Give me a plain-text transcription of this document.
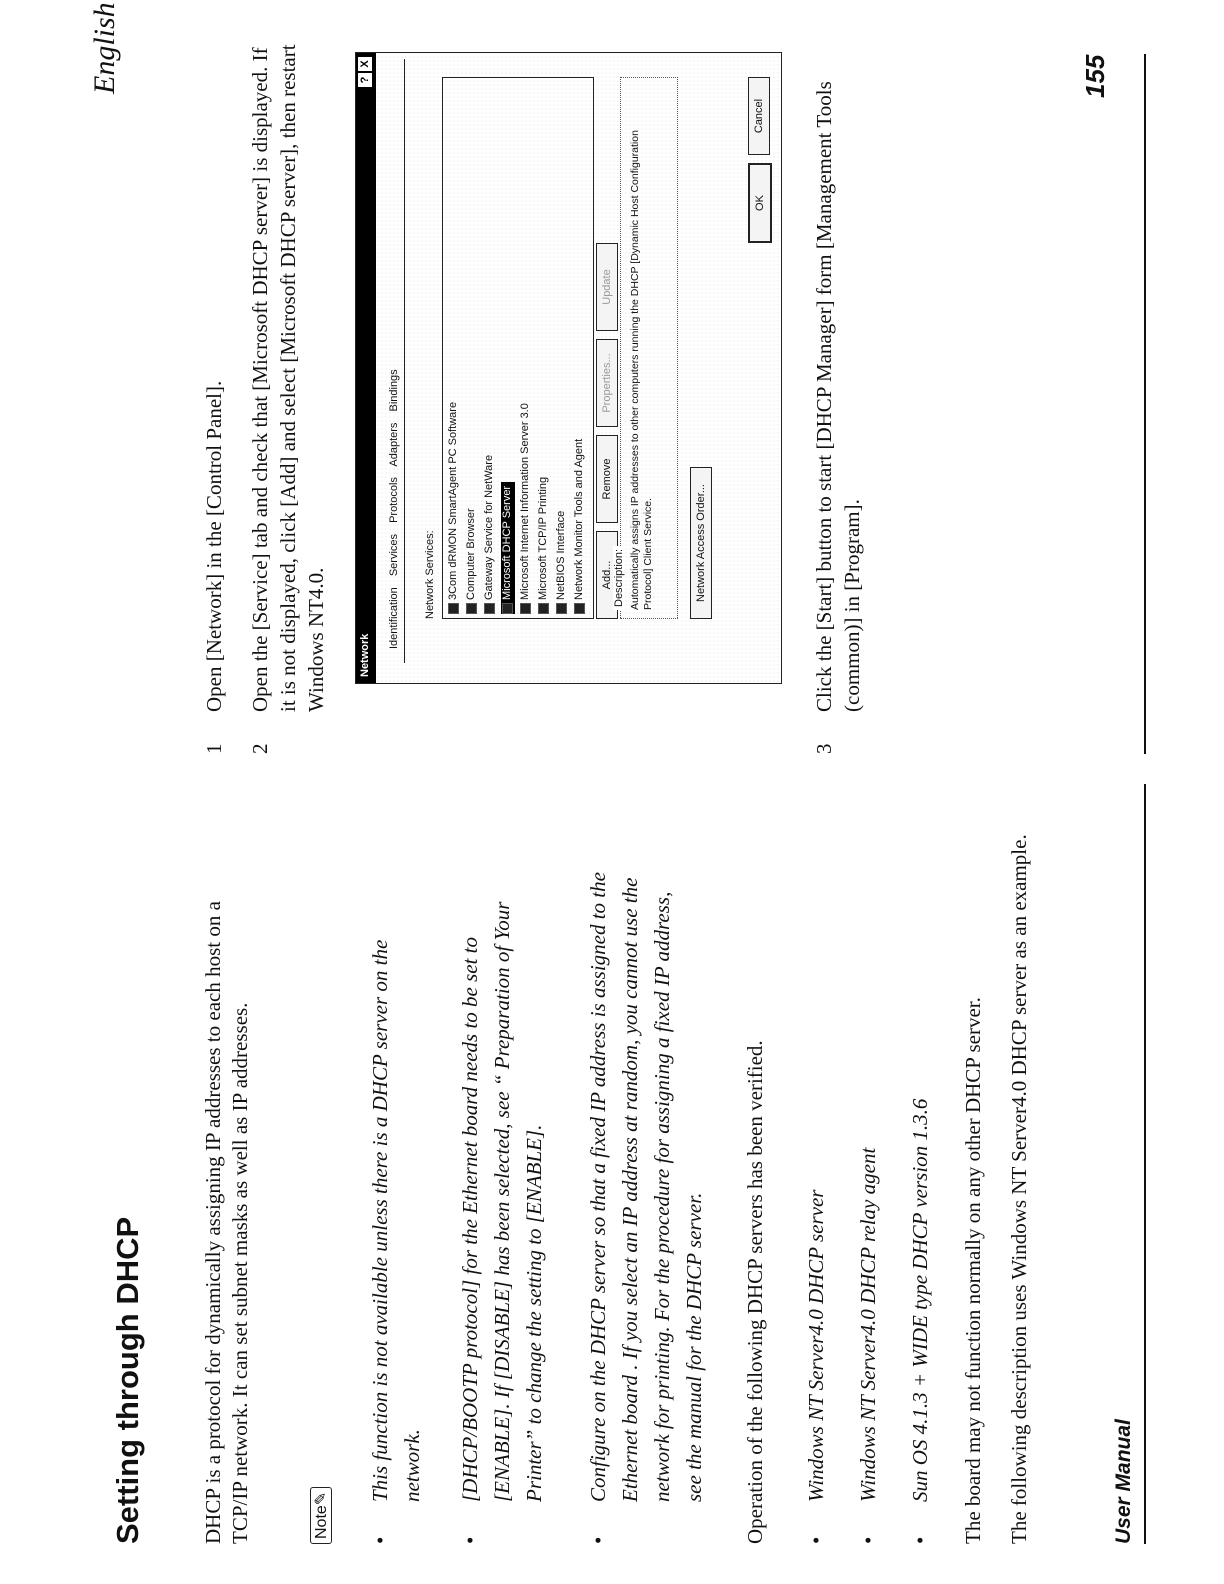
Setting through DHCP	DHCP is a protocol for dynamically assigning IP addresses to each host on a TCP/IP network. It can set subnet masks as well as IP addresses.	Note✎
•
This function is not available unless there is a DHCP server on the network.
•
[DHCP/BOOTP protocol] for the Ethernet board needs to be set to [ENABLE]. If [DISABLE] has been selected, see “ Preparation of Your Printer” to change the setting to [ENABLE].
•
Configure on the DHCP server so that a fixed IP address is assigned to the Ethernet board . If you select an IP address at random, you cannot use the network for printing. For the procedure for assigning a fixed IP address, see the manual for the DHCP server. Operation of the following DHCP servers has been verified. •
Windows NT Server4.0 DHCP server
•
Windows NT Server4.0 DHCP relay agent
•
Sun OS 4.1.3 + WIDE type DHCP version 1.3.6 The board may not function normally on any other DHCP server. The following description uses Windows NT Server4.0 DHCP server as an example.	User Manual
1
Open [Network] in the [Control Panel].
2
Open the [Service] tab and check that [Microsoft DHCP server] is displayed. If it is not displayed, click [Add] and select [Microsoft DHCP server], then restart Windows NT4.0.	Network
?
X
Identification Services Protocols Adapters Bindings
Network Services: 3Com dRMON SmartAgent PC Software Computer Browser Gateway Service for NetWare Microsoft DHCP Server Microsoft Internet Information Server 3.0 Microsoft TCP/IP Printing NetBIOS Interface Network Monitor Tools and Agent	Add...
Remove
Properties...
Update
Description: Automatically assigns IP addresses to other computers running the DHCP [Dynamic Host Configuration Protocol] Client Service.	Network Access Order...
OK
Cancel
3
Click the [Start] button to start [DHCP Manager] form [Management Tools (common)] in [Program].
155
English
